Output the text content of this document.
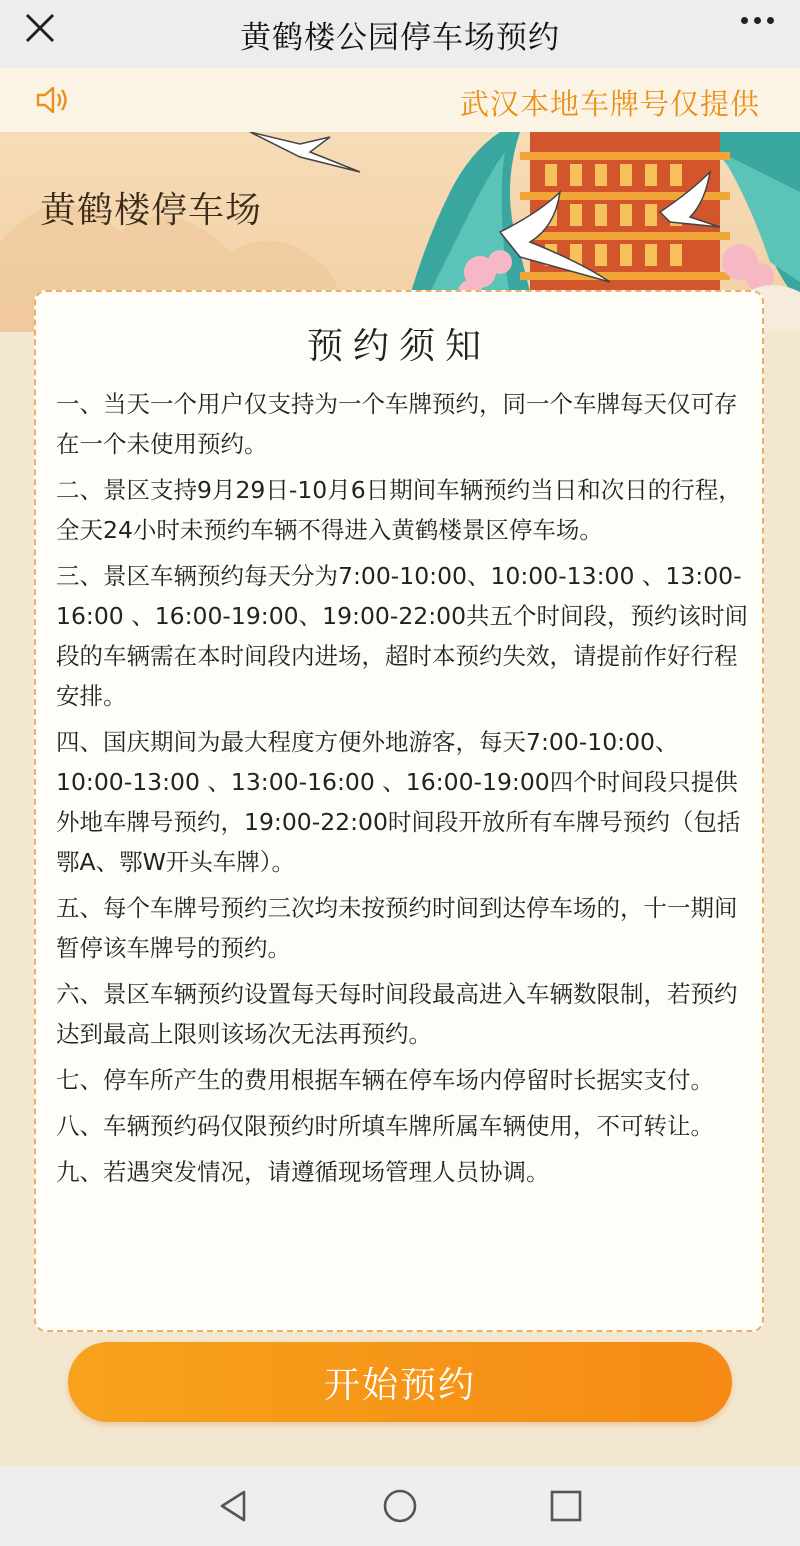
黄鹤楼公园停车场预约
武汉本地车牌号仅提供
黄鹤楼停车场
预约须知
一、当天一个用户仅支持为一个车牌预约，同一个车牌每天仅可存在一个未使用预约。
二、景区支持9月29日-10月6日期间车辆预约当日和次日的行程，全天24小时未预约车辆不得进入黄鹤楼景区停车场。
三、景区车辆预约每天分为7:00-10:00、10:00-13:00 、13:00-16:00 、16:00-19:00、19:00-22:00共五个时间段，预约该时间段的车辆需在本时间段内进场，超时本预约失效，请提前作好行程安排。
四、国庆期间为最大程度方便外地游客，每天7:00-10:00、10:00-13:00 、13:00-16:00 、16:00-19:00四个时间段只提供外地车牌号预约，19:00-22:00时间段开放所有车牌号预约（包括鄂A、鄂W开头车牌）。
五、每个车牌号预约三次均未按预约时间到达停车场的，十一期间暂停该车牌号的预约。
六、景区车辆预约设置每天每时间段最高进入车辆数限制，若预约达到最高上限则该场次无法再预约。
七、停车所产生的费用根据车辆在停车场内停留时长据实支付。
八、车辆预约码仅限预约时所填车牌所属车辆使用，不可转让。
九、若遇突发情况，请遵循现场管理人员协调。
开始预约
